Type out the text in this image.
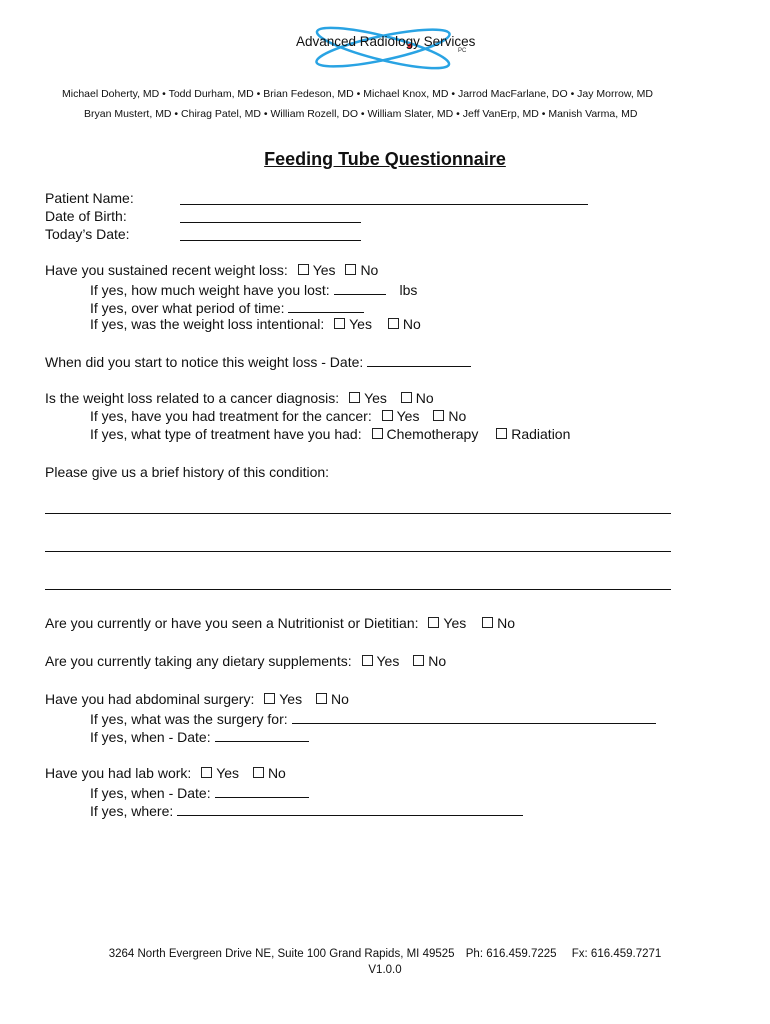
Advanced Radiology Services
PC
Michael Doherty, MD • Todd Durham, MD • Brian Fedeson, MD • Michael Knox, MD • Jarrod MacFarlane, DO • Jay Morrow, MD
Bryan Mustert, MD • Chirag Patel, MD • William Rozell, DO • William Slater, MD • Jeff VanErp, MD • Manish Varma, MD
Feeding Tube Questionnaire
Patient Name:
Date of Birth:
Today’s Date:
Have you sustained recent weight loss: Yes No
If yes, how much weight have you lost:	lbs
If yes, over what period of time:
If yes, was the weight loss intentional: Yes No
When did you start to notice this weight loss - Date:
Is the weight loss related to a cancer diagnosis: Yes No
If yes, have you had treatment for the cancer: Yes No
If yes, what type of treatment have you had: Chemotherapy Radiation
Please give us a brief history of this condition:
Are you currently or have you seen a Nutritionist or Dietitian: Yes No
Are you currently taking any dietary supplements: Yes No
Have you had abdominal surgery: Yes No
If yes, what was the surgery for:
If yes, when - Date:
Have you had lab work: Yes No
If yes, when - Date:
If yes, where:
3264 North Evergreen Drive NE, Suite 100 Grand Rapids, MI 49525 Ph: 616.459.7225 Fx: 616.459.7271
V1.0.0
